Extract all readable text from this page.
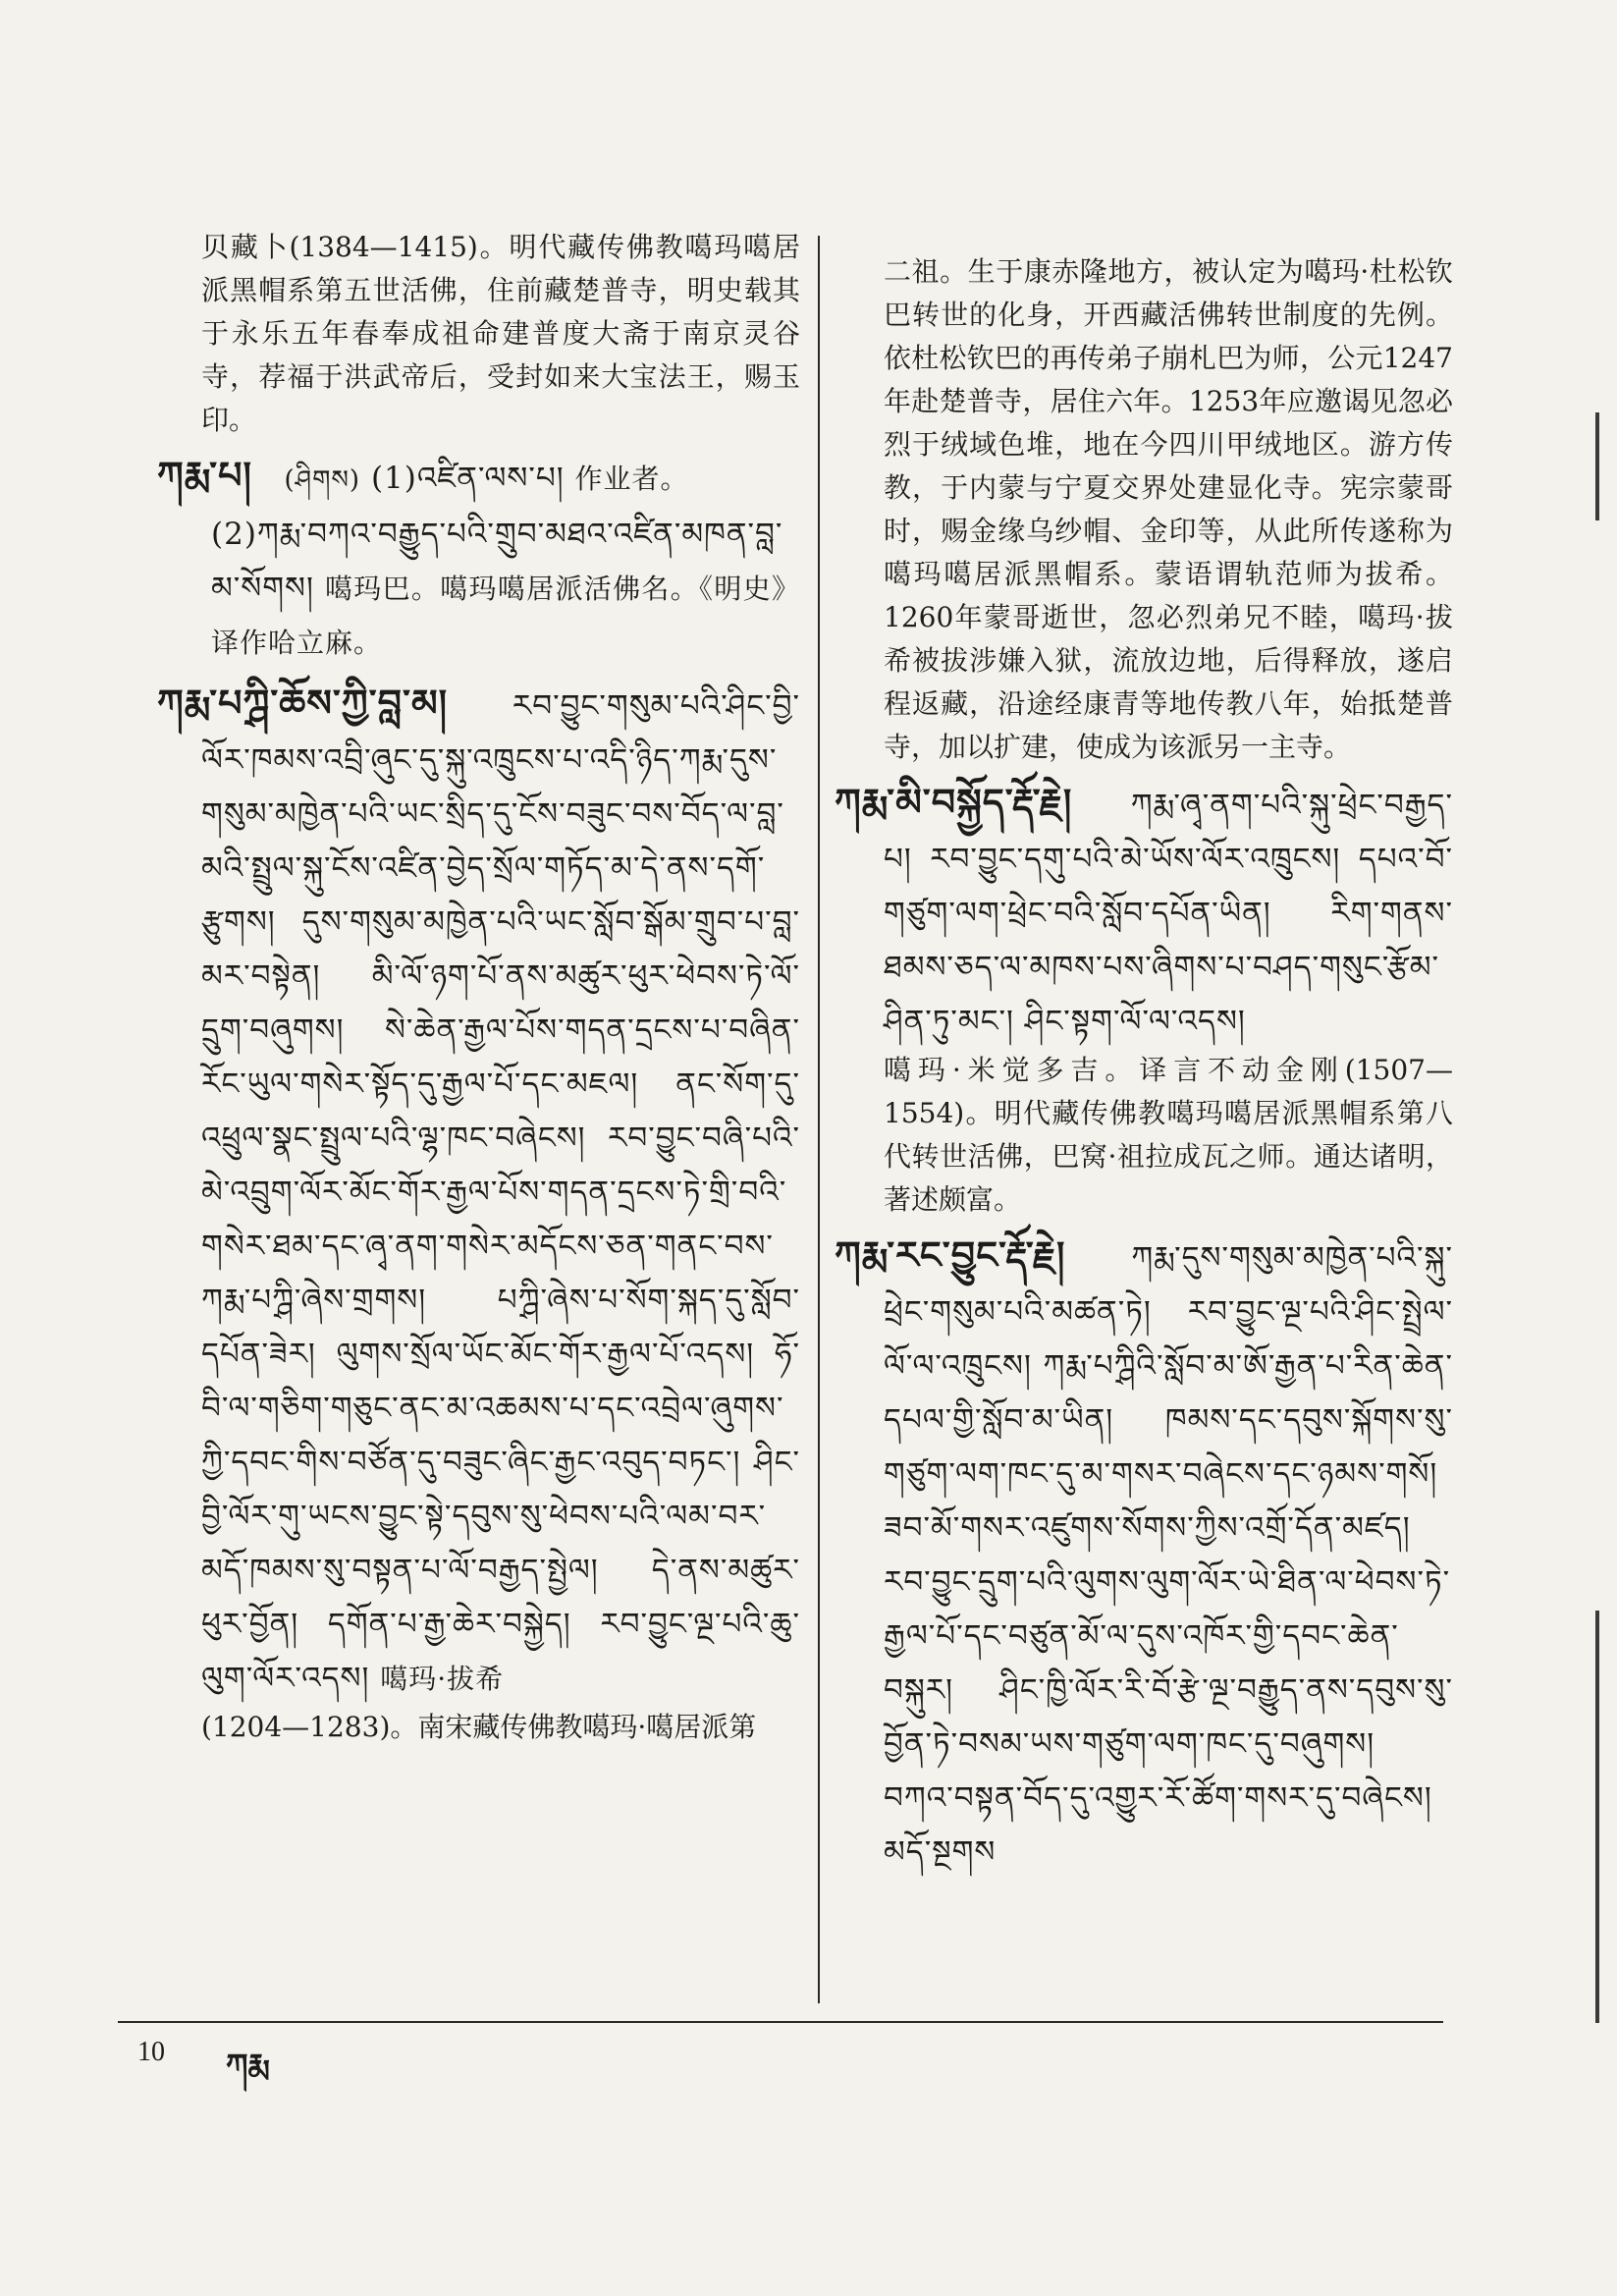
贝藏卜(1384—1415)。明代藏传佛教噶玛噶居派黑帽系第五世活佛，住前藏楚普寺，明史载其于永乐五年春奉成祖命建普度大斋于南京灵谷寺，荐福于洪武帝后，受封如来大宝法王，赐玉印。

ཀརྨ་པ། (ཤིགས) (1)འཛིན་ལས་པ། 作业者。

(2)ཀརྨ་བཀའ་བརྒྱུད་པའི་གྲུབ་མཐའ་འཛིན་མཁན་བླ་མ་སོགས། 噶玛巴。噶玛噶居派活佛名。《明史》译作哈立麻。

ཀརྨ་པཀྴི་ཆོས་ཀྱི་བླ་མ། རབ་བྱུང་གསུམ་པའི་ཤིང་བྱི་ལོར་ཁམས་འབྲི་ཞུང་དུ་སྐུ་འཁྲུངས་པ་འདི་ཉིད་ཀརྨ་དུས་གསུམ་མཁྱེན་པའི་ཡང་སྲིད་དུ་ངོས་བཟུང་བས་བོད་ལ་བླ་མའི་སྤྲུལ་སྐུ་ངོས་འཛིན་བྱེད་སྲོལ་གཏོད་མ་དེ་ནས་དགོ་རྩུགས། དུས་གསུམ་མཁྱེན་པའི་ཡང་སློབ་སྒོམ་གྲུབ་པ་བླ་མར་བསྟེན། མི་ལོ་ཉག་པོ་ནས་མཚུར་ཕུར་ཕེབས་ཏེ་ལོ་དྲུག་བཞུགས། སེ་ཆེན་རྒྱལ་པོས་གདན་དྲངས་པ་བཞིན་རོང་ཡུལ་གསེར་སྟོད་དུ་རྒྱལ་པོ་དང་མཇལ། ནང་སོག་དུ་འཕྲུལ་སྣང་སྤྲུལ་པའི་ལྷ་ཁང་བཞེངས། རབ་བྱུང་བཞི་པའི་མེ་འབྲུག་ལོར་མོང་གོར་རྒྱལ་པོས་གདན་དྲངས་ཏེ་གྲི་བའི་གསེར་ཐམ་དང་ཞྭ་ནག་གསེར་མདོངས་ཅན་གནང་བས་ཀརྨ་པཀྴི་ཞེས་གྲགས། པཀྴི་ཞེས་པ་སོག་སྐད་དུ་སློབ་དཔོན་ཟེར། ལུགས་སྲོལ་ཡོང་མོང་གོར་རྒྱལ་པོ་འདས། ཧོ་བི་ལ་གཅིག་གཅུང་ནང་མ་འཆམས་པ་དང་འབྲེལ་ཞུགས་ཀྱི་དབང་གིས་བཙོན་དུ་བཟུང་ཞིང་རྒྱང་འབུད་བཏང་། ཤིང་བྱི་ལོར་གུ་ཡངས་བྱུང་སྟེ་དབུས་སུ་ཕེབས་པའི་ལམ་བར་མདོ་ཁམས་སུ་བསྟན་པ་ལོ་བརྒྱད་སྤྱེལ། དེ་ནས་མཚུར་ཕུར་བྱོན། དགོན་པ་རྒྱ་ཆེར་བསྐྱེད། རབ་བྱུང་ལྔ་པའི་ཆུ་ལུག་ལོར་འདས། 噶玛·拔希

(1204—1283)。南宋藏传佛教噶玛·噶居派第

二祖。生于康赤隆地方，被认定为噶玛·杜松钦巴转世的化身，开西藏活佛转世制度的先例。依杜松钦巴的再传弟子崩札巴为师，公元1247年赴楚普寺，居住六年。1253年应邀谒见忽必烈于绒域色堆，地在今四川甲绒地区。游方传教，于内蒙与宁夏交界处建显化寺。宪宗蒙哥时，赐金缘乌纱帽、金印等，从此所传遂称为噶玛噶居派黑帽系。蒙语谓轨范师为拔希。1260年蒙哥逝世，忽必烈弟兄不睦，噶玛·拔希被拔涉嫌入狱，流放边地，后得释放，遂启程返藏，沿途经康青等地传教八年，始抵楚普寺，加以扩建，使成为该派另一主寺。

ཀརྨ་མི་བསྐྱོད་རྡོ་རྗེ། ཀརྨ་ཞྭ་ནག་པའི་སྐུ་ཕྲེང་བརྒྱད་པ། རབ་བྱུང་དགུ་པའི་མེ་ཡོས་ལོར་འཁྲུངས། དཔའ་བོ་གཙུག་ལག་ཕྲེང་བའི་སློབ་དཔོན་ཡིན། རིག་གནས་ཐམས་ཅད་ལ་མཁས་པས་ཞིགས་པ་བཤད་གསུང་རྩོམ་ཤིན་ཏུ་མང་། ཤིང་སྟག་ལོ་ལ་འདས།

噶玛·米觉多吉。译言不动金刚(1507—1554)。明代藏传佛教噶玛噶居派黑帽系第八代转世活佛，巴窝·祖拉成瓦之师。通达诸明，著述颇富。

ཀརྨ་རང་བྱུང་རྡོ་རྗེ། ཀརྨ་དུས་གསུམ་མཁྱེན་པའི་སྐུ་ཕྲེང་གསུམ་པའི་མཚན་ཏེ། རབ་བྱུང་ལྔ་པའི་ཤིང་སྤྲེལ་ལོ་ལ་འཁྲུངས། ཀརྨ་པཀྴིའི་སློབ་མ་ཨོ་རྒྱན་པ་རིན་ཆེན་དཔལ་གྱི་སློབ་མ་ཡིན། ཁམས་དང་དབུས་སྐོགས་སུ་གཙུག་ལག་ཁང་དུ་མ་གསར་བཞེངས་དང་ཉམས་གསོ། ཟབ་མོ་གསར་འཛུགས་སོགས་ཀྱིས་འགྲོ་དོན་མཛད། རབ་བྱུང་དྲུག་པའི་ལུགས་ལུག་ལོར་ཡེ་ཐིན་ལ་ཕེབས་ཏེ་རྒྱལ་པོ་དང་བཙུན་མོ་ལ་དུས་འཁོར་གྱི་དབང་ཆེན་བསྐུར། ཤིང་ཁྱི་ལོར་རི་བོ་རྩེ་ལྔ་བརྒྱུད་ནས་དབུས་སུ་བྱོན་ཏེ་བསམ་ཡས་གཙུག་ལག་ཁང་དུ་བཞུགས། བཀའ་བསྟན་བོད་དུ་འགྱུར་རོ་ཚོག་གསར་དུ་བཞེངས། མདོ་སྔགས

10 ཀརྨ
